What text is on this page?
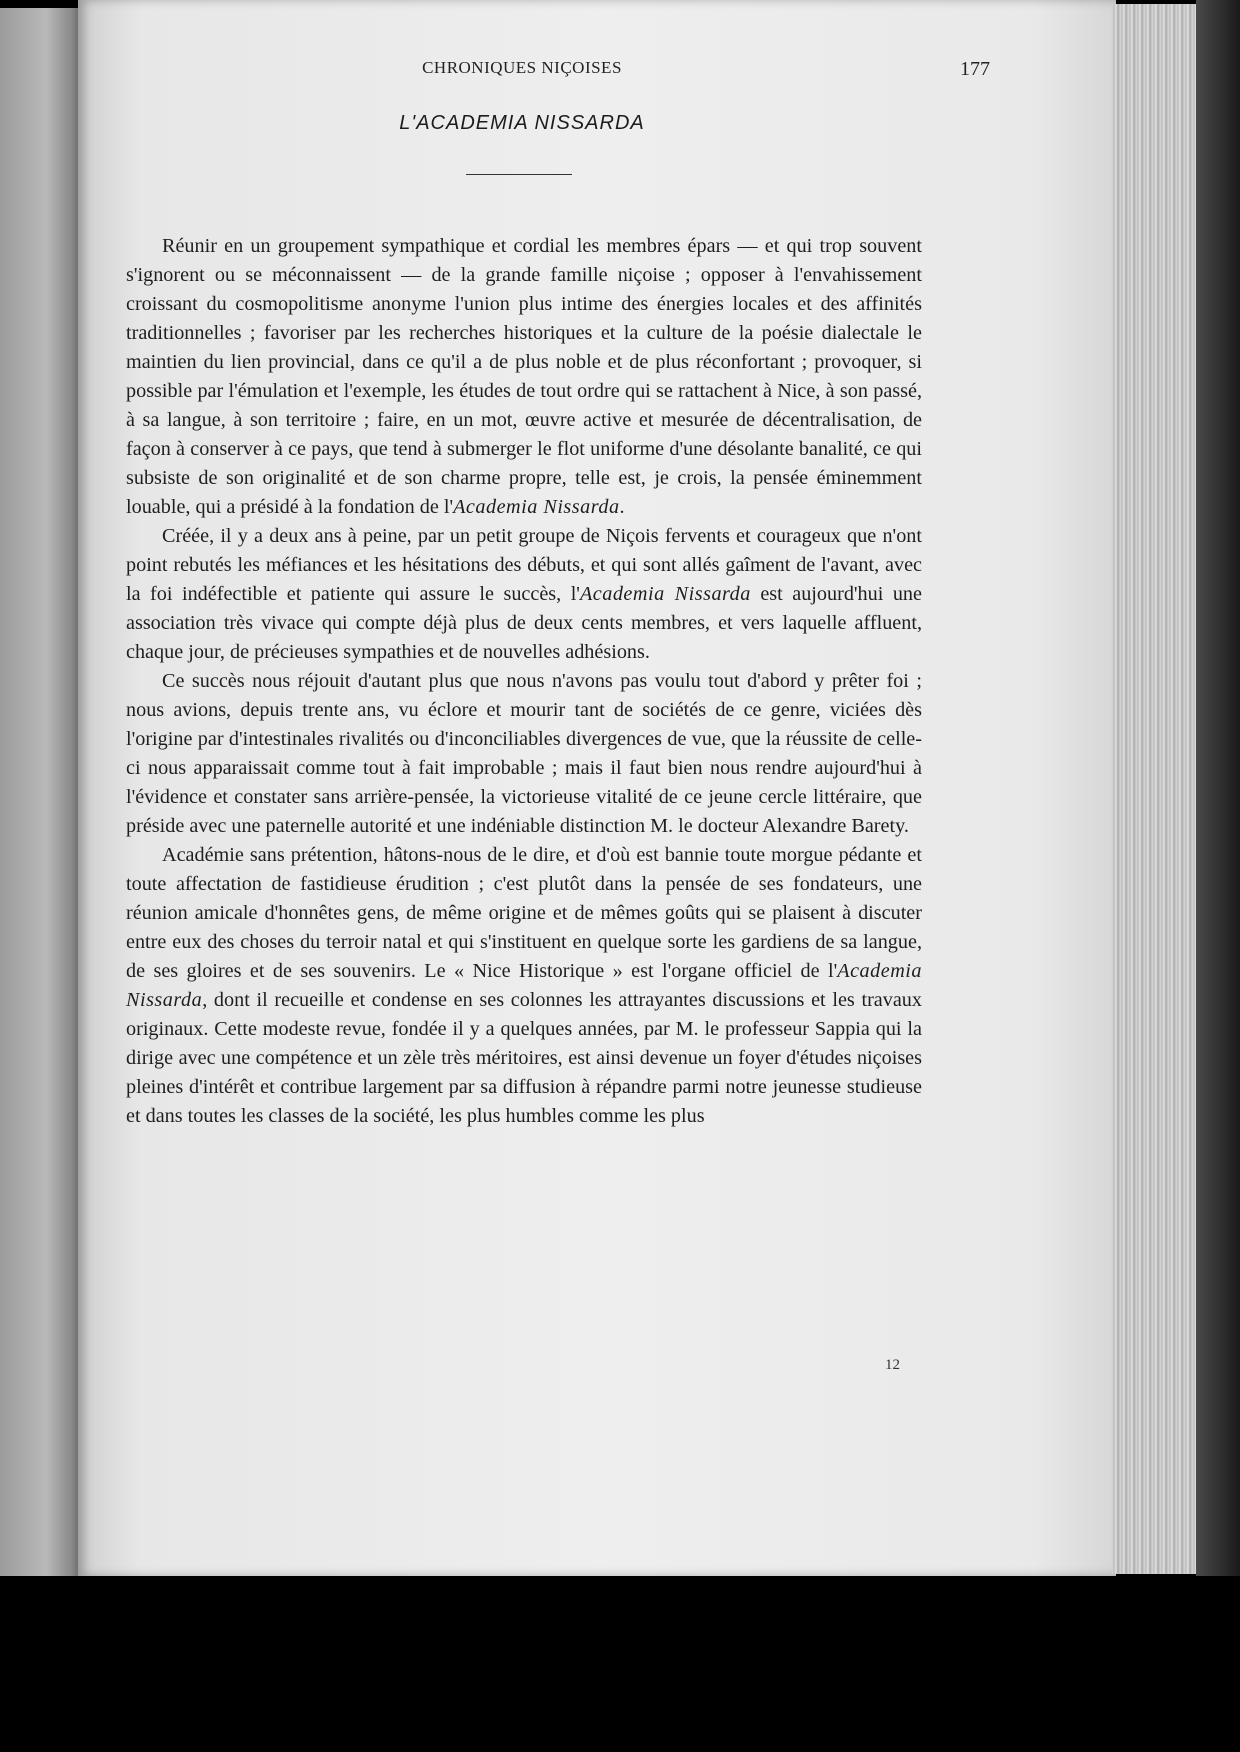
CHRONIQUES NIÇOISES	177
L'ACADEMIA NISSARDA

Réunir en un groupement sympathique et cordial les membres épars — et qui trop souvent s'ignorent ou se méconnaissent — de la grande famille niçoise ; opposer à l'envahissement croissant du cosmopolitisme anonyme l'union plus intime des énergies locales et des affinités traditionnelles ; favoriser par les recherches historiques et la culture de la poésie dialectale le maintien du lien provincial, dans ce qu'il a de plus noble et de plus réconfortant ; provoquer, si possible par l'émulation et l'exemple, les études de tout ordre qui se rattachent à Nice, à son passé, à sa langue, à son territoire ; faire, en un mot, œuvre active et mesurée de décentralisation, de façon à conserver à ce pays, que tend à submerger le flot uniforme d'une désolante banalité, ce qui subsiste de son originalité et de son charme propre, telle est, je crois, la pensée éminemment louable, qui a présidé à la fondation de l'Academia Nissarda.

Créée, il y a deux ans à peine, par un petit groupe de Niçois fervents et courageux que n'ont point rebutés les méfiances et les hésitations des débuts, et qui sont allés gaîment de l'avant, avec la foi indéfectible et patiente qui assure le succès, l'Academia Nissarda est aujourd'hui une association très vivace qui compte déjà plus de deux cents membres, et vers laquelle affluent, chaque jour, de précieuses sympathies et de nouvelles adhésions.

Ce succès nous réjouit d'autant plus que nous n'avons pas voulu tout d'abord y prêter foi ; nous avions, depuis trente ans, vu éclore et mourir tant de sociétés de ce genre, viciées dès l'origine par d'intestinales rivalités ou d'inconciliables divergences de vue, que la réussite de celle-ci nous apparaissait comme tout à fait improbable ; mais il faut bien nous rendre aujourd'hui à l'évidence et constater sans arrière-pensée, la victorieuse vitalité de ce jeune cercle littéraire, que préside avec une paternelle autorité et une indéniable distinction M. le docteur Alexandre Barety.

Académie sans prétention, hâtons-nous de le dire, et d'où est bannie toute morgue pédante et toute affectation de fastidieuse érudition ; c'est plutôt dans la pensée de ses fondateurs, une réunion amicale d'honnêtes gens, de même origine et de mêmes goûts qui se plaisent à discuter entre eux des choses du terroir natal et qui s'instituent en quelque sorte les gardiens de sa langue, de ses gloires et de ses souvenirs. Le « Nice Historique » est l'organe officiel de l'Academia Nissarda, dont il recueille et condense en ses colonnes les attrayantes discussions et les travaux originaux. Cette modeste revue, fondée il y a quelques années, par M. le professeur Sappia qui la dirige avec une compétence et un zèle très méritoires, est ainsi devenue un foyer d'études niçoises pleines d'intérêt et contribue largement par sa diffusion à répandre parmi notre jeunesse studieuse et dans toutes les classes de la société, les plus humbles comme les plus

12
